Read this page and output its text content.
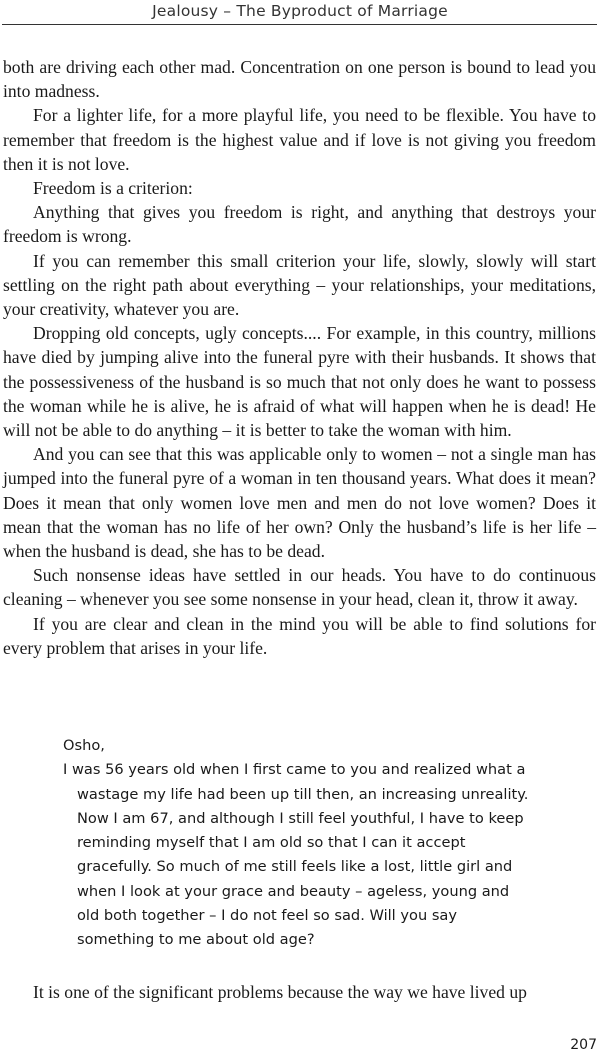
Jealousy – The Byproduct of Marriage

both are driving each other mad. Concentration on one person is bound to lead you into madness.

For a lighter life, for a more playful life, you need to be flexible. You have to remember that freedom is the highest value and if love is not giving you freedom then it is not love.

Freedom is a criterion:

Anything that gives you freedom is right, and anything that destroys your freedom is wrong.

If you can remember this small criterion your life, slowly, slowly will start settling on the right path about everything – your relationships, your meditations, your creativity, whatever you are.

Dropping old concepts, ugly concepts.... For example, in this country, millions have died by jumping alive into the funeral pyre with their husbands. It shows that the possessiveness of the husband is so much that not only does he want to possess the woman while he is alive, he is afraid of what will happen when he is dead! He will not be able to do anything – it is better to take the woman with him.

And you can see that this was applicable only to women – not a single man has jumped into the funeral pyre of a woman in ten thousand years. What does it mean? Does it mean that only women love men and men do not love women? Does it mean that the woman has no life of her own? Only the husband’s life is her life – when the husband is dead, she has to be dead.

Such nonsense ideas have settled in our heads. You have to do continuous cleaning – whenever you see some nonsense in your head, clean it, throw it away.

If you are clear and clean in the mind you will be able to find solutions for every problem that arises in your life.

Osho,

I was 56 years old when I first came to you and realized what a wastage my life had been up till then, an increasing unreality. Now I am 67, and although I still feel youthful, I have to keep reminding myself that I am old so that I can it accept gracefully. So much of me still feels like a lost, little girl and when I look at your grace and beauty – ageless, young and old both together – I do not feel so sad. Will you say something to me about old age?

It is one of the significant problems because the way we have lived up

207
